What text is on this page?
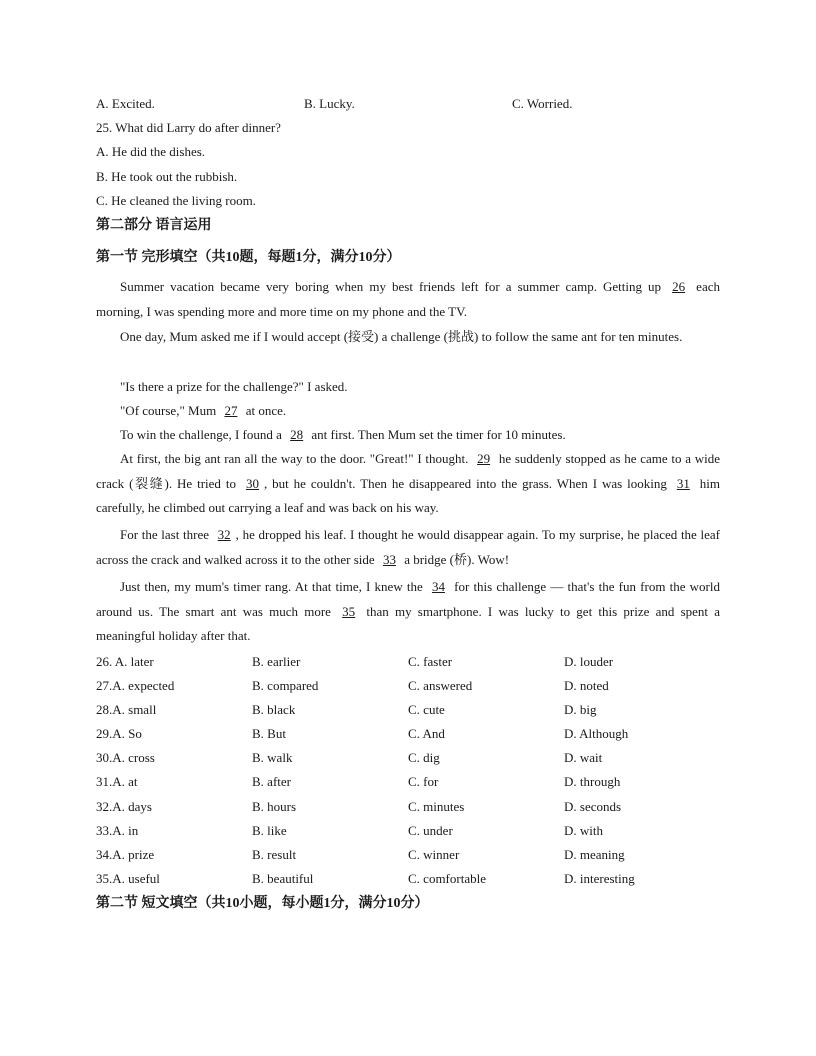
A. Excited.	B. Lucky.	C. Worried.
25. What did Larry do after dinner?
A. He did the dishes.
B. He took out the rubbish.
C. He cleaned the living room.
第二部分 语言运用
第一节 完形填空（共10题，每题1分，满分10分）

Summer vacation became very boring when my best friends left for a summer camp. Getting up 26 each morning, I was spending more and more time on my phone and the TV.

One day, Mum asked me if I would accept (接受) a challenge (挑战) to follow the same ant for ten minutes.

"Is there a prize for the challenge?" I asked.

"Of course," Mum 27 at once.

To win the challenge, I found a 28 ant first. Then Mum set the timer for 10 minutes.

At first, the big ant ran all the way to the door. "Great!" I thought. 29 he suddenly stopped as he came to a wide crack (裂缝). He tried to 30 , but he couldn't. Then he disappeared into the grass. When I was looking 31 him carefully, he climbed out carrying a leaf and was back on his way.

For the last three 32 , he dropped his leaf. I thought he would disappear again. To my surprise, he placed the leaf across the crack and walked across it to the other side 33 a bridge (桥). Wow!

Just then, my mum's timer rang. At that time, I knew the 34 for this challenge — that's the fun from the world around us. The smart ant was much more 35 than my smartphone. I was lucky to get this prize and spent a meaningful holiday after that.

26. A. later	B. earlier	C. faster	D. louder
27.A. expected	B. compared	C. answered	D. noted
28.A. small	B. black	C. cute	D. big
29.A. So	B. But	C. And	D. Although
30.A. cross	B. walk	C. dig	D. wait
31.A. at	B. after	C. for	D. through
32.A. days	B. hours	C. minutes	D. seconds
33.A. in	B. like	C. under	D. with
34.A. prize	B. result	C. winner	D. meaning
35.A. useful	B. beautiful	C. comfortable	D. interesting
第二节 短文填空（共10小题，每小题1分，满分10分）
